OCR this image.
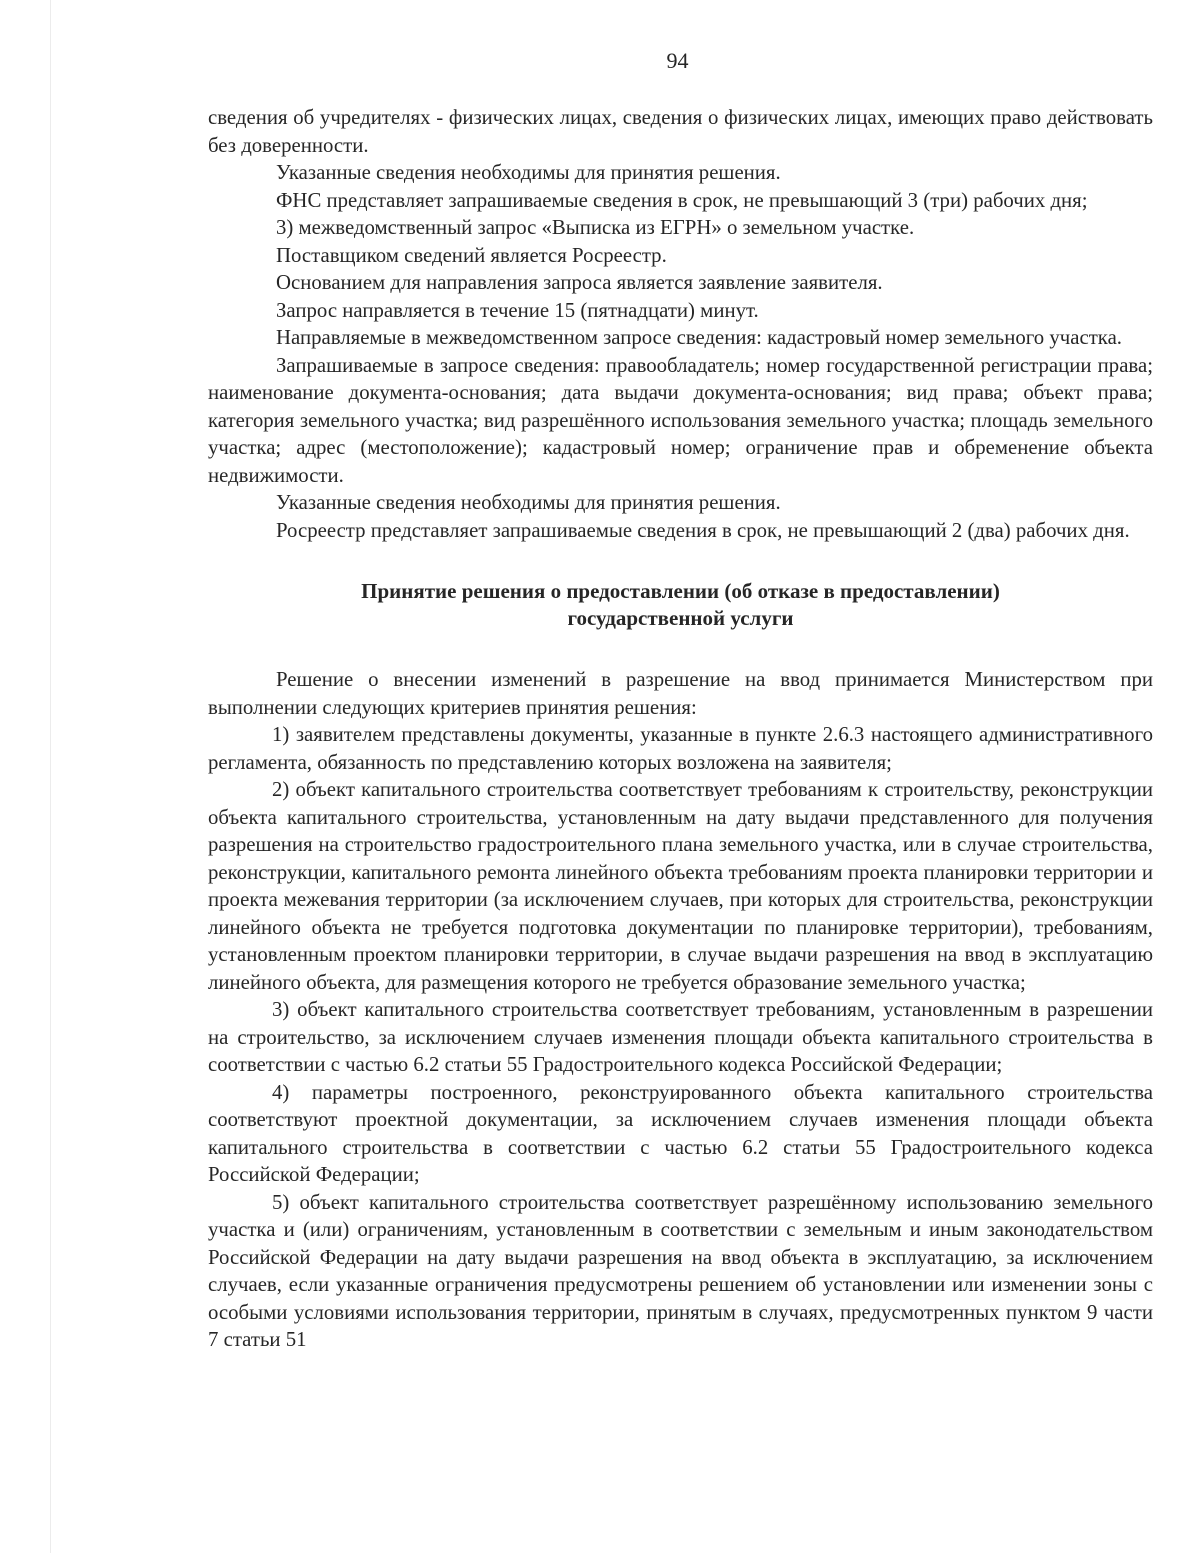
94

сведения об учредителях - физических лицах, сведения о физических лицах, имеющих право действовать без доверенности.

Указанные сведения необходимы для принятия решения.

ФНС представляет запрашиваемые сведения в срок, не превышающий 3 (три) рабочих дня;

3) межведомственный запрос «Выписка из ЕГРН» о земельном участке.

Поставщиком сведений является Росреестр.

Основанием для направления запроса является заявление заявителя.

Запрос направляется в течение 15 (пятнадцати) минут.

Направляемые в межведомственном запросе сведения: кадастровый номер земельного участка.

Запрашиваемые в запросе сведения: правообладатель; номер государственной регистрации права; наименование документа-основания; дата выдачи документа-основания; вид права; объект права; категория земельного участка; вид разрешённого использования земельного участка; площадь земельного участка; адрес (местоположение); кадастровый номер; ограничение прав и обременение объекта недвижимости.

Указанные сведения необходимы для принятия решения.

Росреестр представляет запрашиваемые сведения в срок, не превышающий 2 (два) рабочих дня.

Принятие решения о предоставлении (об отказе в предоставлении)
государственной услуги

Решение о внесении изменений в разрешение на ввод принимается Министерством при выполнении следующих критериев принятия решения:

1) заявителем представлены документы, указанные в пункте 2.6.3 настоящего административного регламента, обязанность по представлению которых возложена на заявителя;

2) объект капитального строительства соответствует требованиям к строительству, реконструкции объекта капитального строительства, установленным на дату выдачи представленного для получения разрешения на строительство градостроительного плана земельного участка, или в случае строительства, реконструкции, капитального ремонта линейного объекта требованиям проекта планировки территории и проекта межевания территории (за исключением случаев, при которых для строительства, реконструкции линейного объекта не требуется подготовка документации по планировке территории), требованиям, установленным проектом планировки территории, в случае выдачи разрешения на ввод в эксплуатацию линейного объекта, для размещения которого не требуется образование земельного участка;

3) объект капитального строительства соответствует требованиям, установленным в разрешении на строительство, за исключением случаев изменения площади объекта капитального строительства в соответствии с частью 6.2 статьи 55 Градостроительного кодекса Российской Федерации;

4) параметры построенного, реконструированного объекта капитального строительства соответствуют проектной документации, за исключением случаев изменения площади объекта капитального строительства в соответствии с частью 6.2 статьи 55 Градостроительного кодекса Российской Федерации;

5) объект капитального строительства соответствует разрешённому использованию земельного участка и (или) ограничениям, установленным в соответствии с земельным и иным законодательством Российской Федерации на дату выдачи разрешения на ввод объекта в эксплуатацию, за исключением случаев, если указанные ограничения предусмотрены решением об установлении или изменении зоны с особыми условиями использования территории, принятым в случаях, предусмотренных пунктом 9 части 7 статьи 51
